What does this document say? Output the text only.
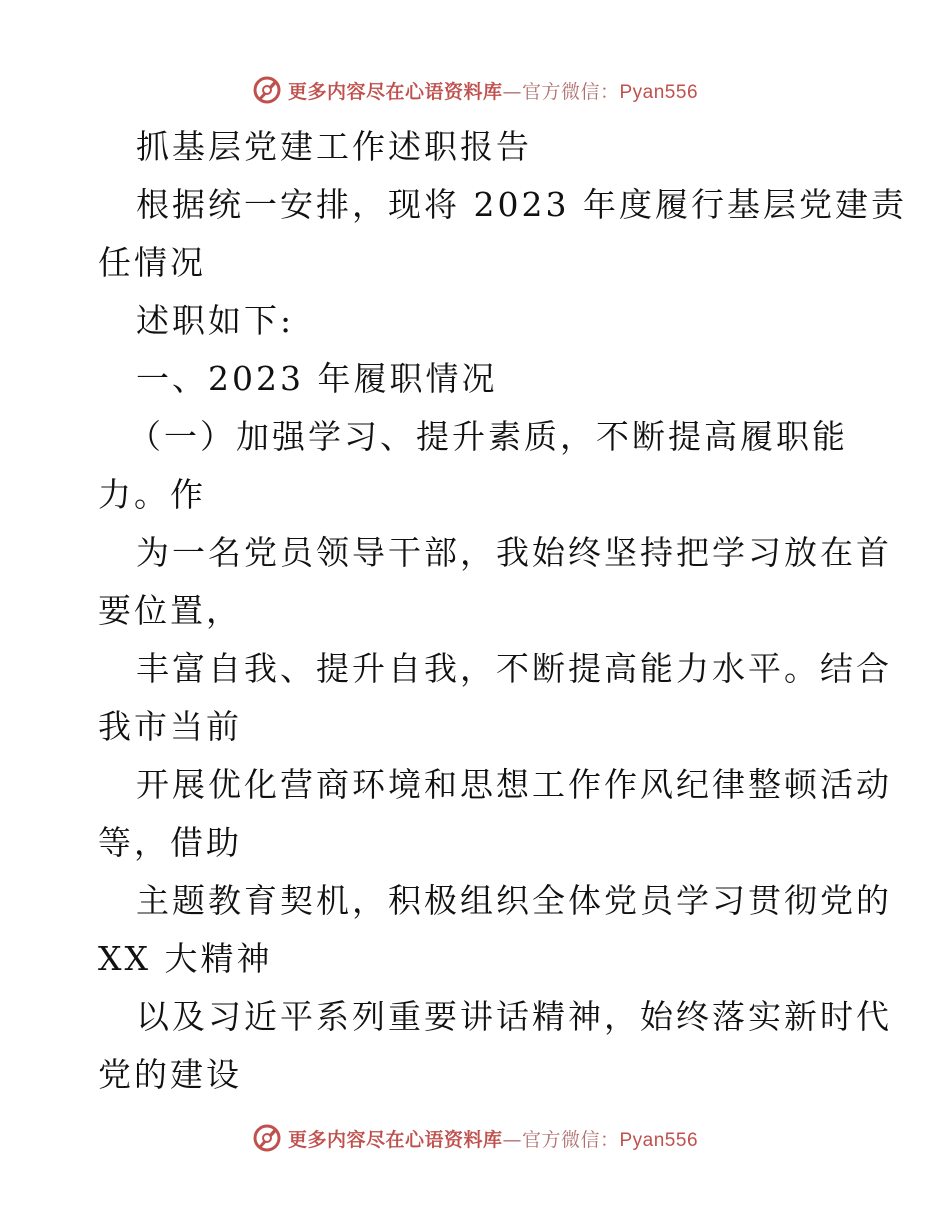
更多内容尽在心语资料库—官方微信：Pyan556
抓基层党建工作述职报告
根据统一安排，现将 2023 年度履行基层党建责
任情况
述职如下:
一、2023 年履职情况
（一）加强学习、提升素质，不断提高履职能
力。作
为一名党员领导干部，我始终坚持把学习放在首
要位置，
丰富自我、提升自我，不断提高能力水平。结合
我市当前
开展优化营商环境和思想工作作风纪律整顿活动
等，借助
主题教育契机，积极组织全体党员学习贯彻党的
XX 大精神
以及习近平系列重要讲话精神，始终落实新时代
党的建设
更多内容尽在心语资料库—官方微信：Pyan556
